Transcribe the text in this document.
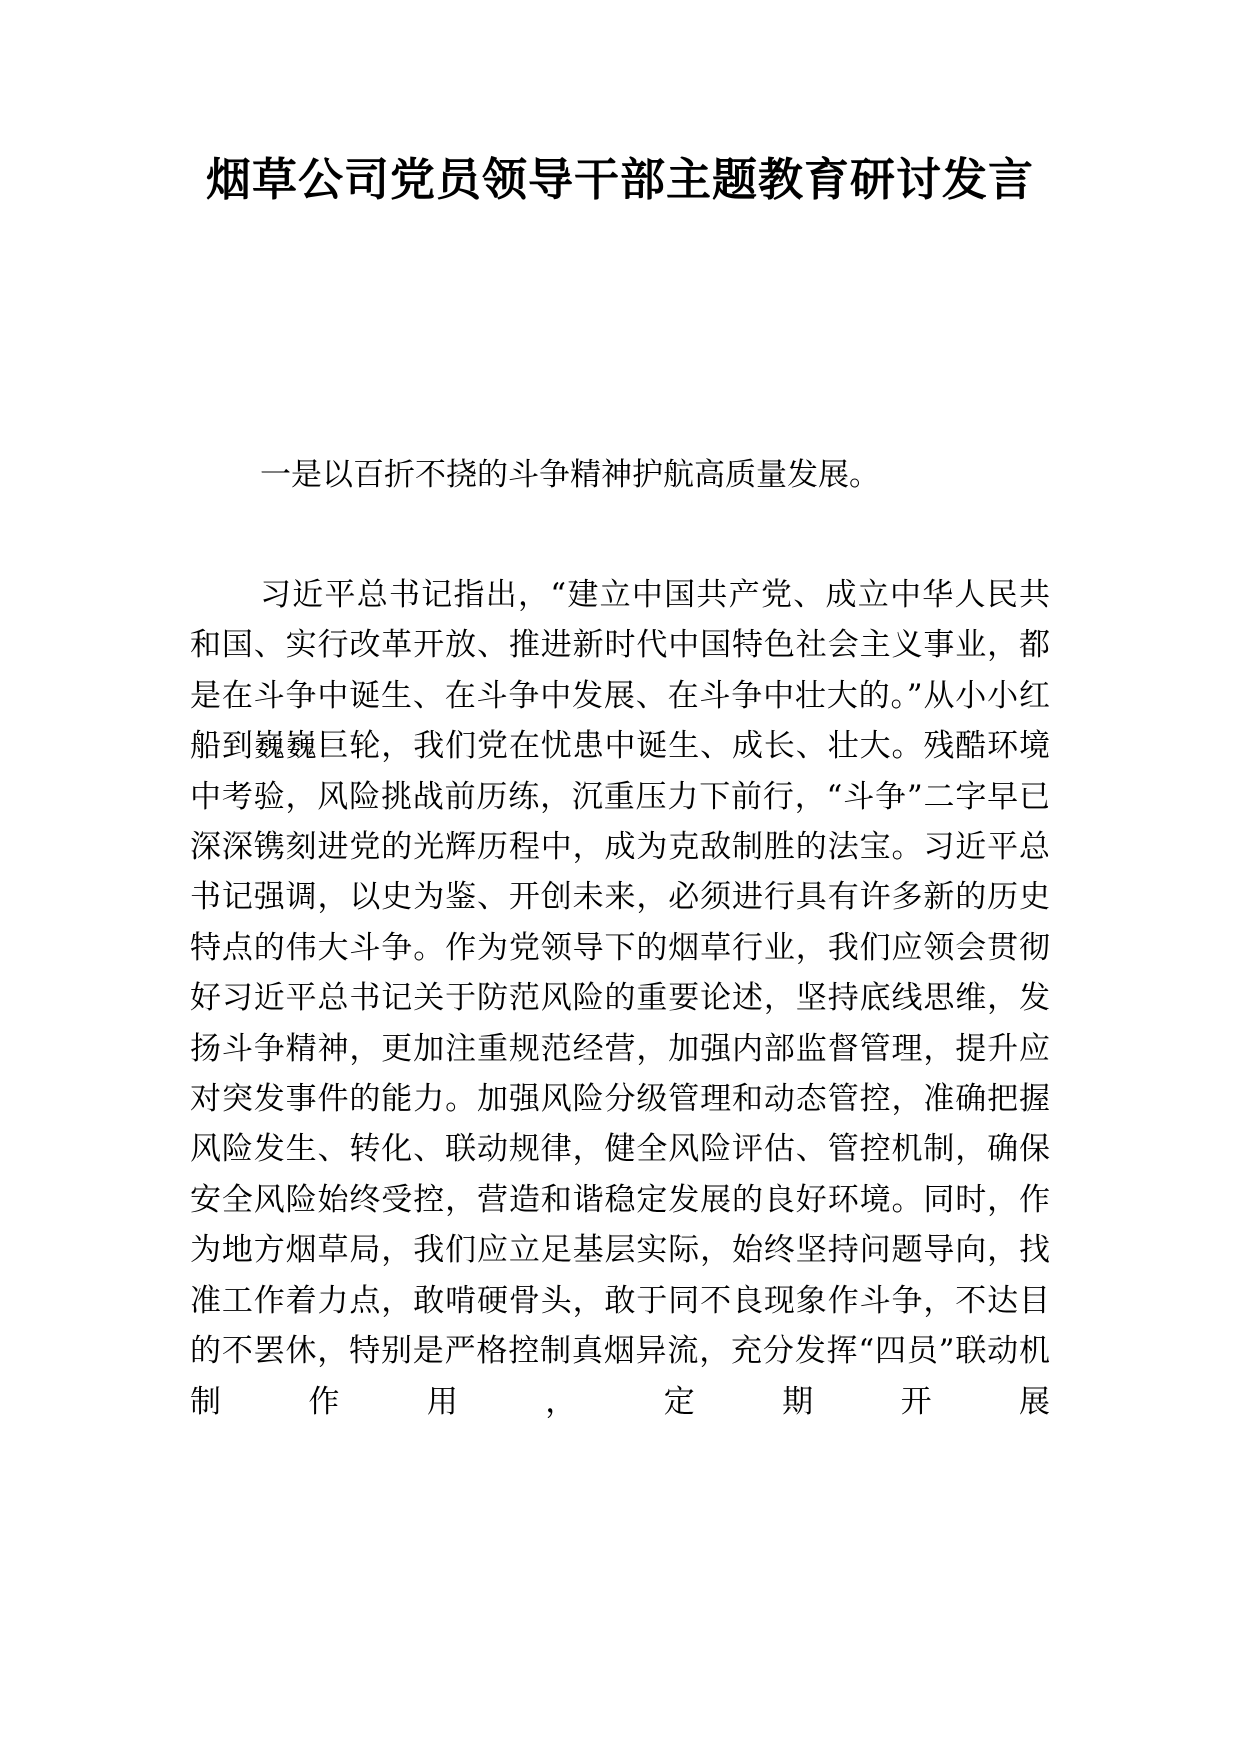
烟草公司党员领导干部主题教育研讨发言

一是以百折不挠的斗争精神护航高质量发展。

习近平总书记指出，“建立中国共产党、成立中华人民共和国、实行改革开放、推进新时代中国特色社会主义事业，都是在斗争中诞生、在斗争中发展、在斗争中壮大的。”从小小红船到巍巍巨轮，我们党在忧患中诞生、成长、壮大。残酷环境中考验，风险挑战前历练，沉重压力下前行，“斗争”二字早已深深镌刻进党的光辉历程中，成为克敌制胜的法宝。习近平总书记强调，以史为鉴、开创未来，必须进行具有许多新的历史特点的伟大斗争。作为党领导下的烟草行业，我们应领会贯彻好习近平总书记关于防范风险的重要论述，坚持底线思维，发扬斗争精神，更加注重规范经营，加强内部监督管理，提升应对突发事件的能力。加强风险分级管理和动态管控，准确把握风险发生、转化、联动规律，健全风险评估、管控机制，确保安全风险始终受控，营造和谐稳定发展的良好环境。同时，作为地方烟草局，我们应立足基层实际，始终坚持问题导向，找准工作着力点，敢啃硬骨头，敢于同不良现象作斗争，不达目的不罢休，特别是严格控制真烟异流，充分发挥“四员”联动机制作用，定期开展
